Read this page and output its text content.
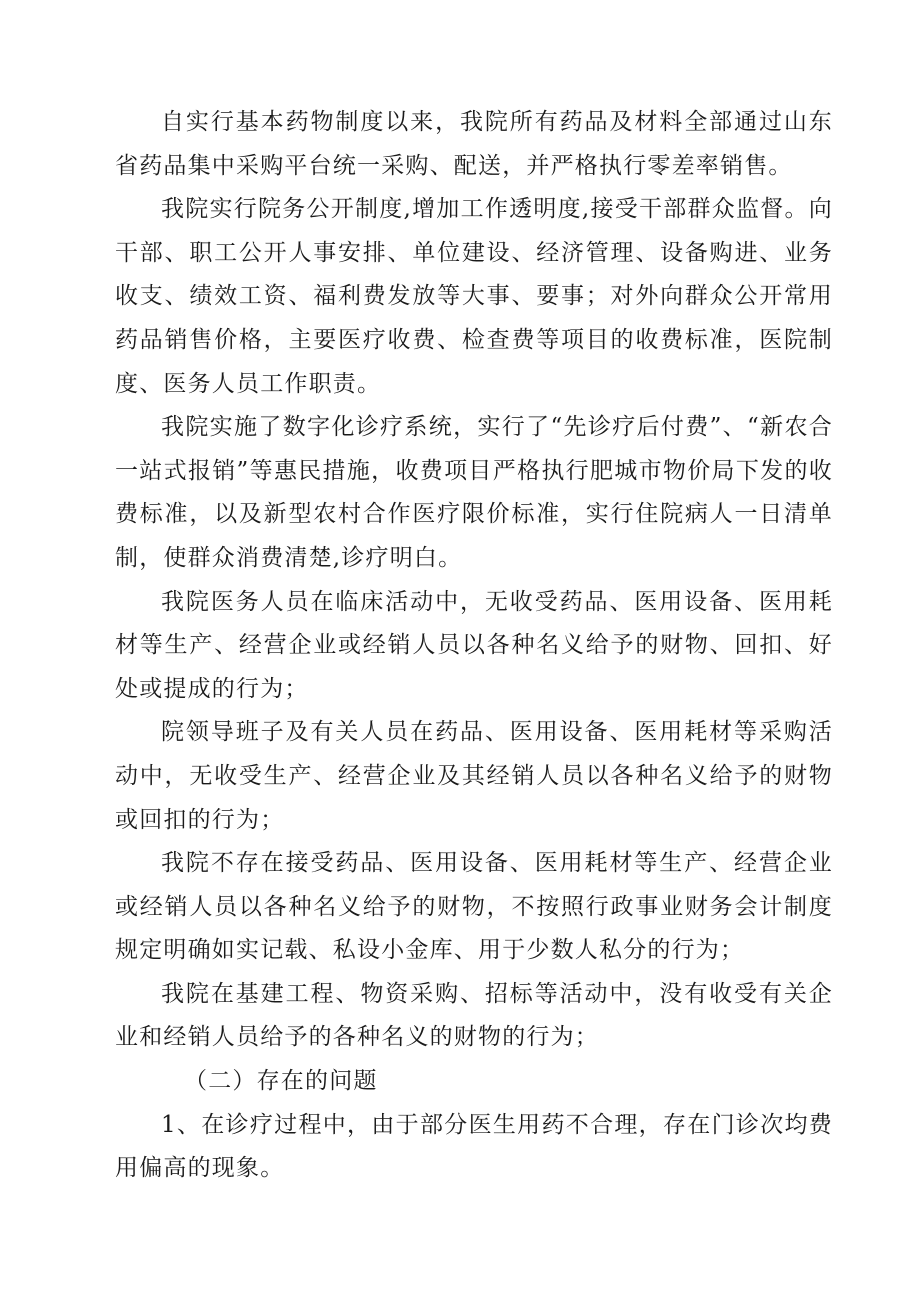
自实行基本药物制度以来，我院所有药品及材料全部通过山东省药品集中采购平台统一采购、配送，并严格执行零差率销售。

我院实行院务公开制度,增加工作透明度,接受干部群众监督。向干部、职工公开人事安排、单位建设、经济管理、设备购进、业务收支、绩效工资、福利费发放等大事、要事；对外向群众公开常用药品销售价格，主要医疗收费、检查费等项目的收费标准，医院制度、医务人员工作职责。

我院实施了数字化诊疗系统，实行了“先诊疗后付费”、“新农合一站式报销”等惠民措施，收费项目严格执行肥城市物价局下发的收费标准，以及新型农村合作医疗限价标准，实行住院病人一日清单制，使群众消费清楚,诊疗明白。

我院医务人员在临床活动中，无收受药品、医用设备、医用耗材等生产、经营企业或经销人员以各种名义给予的财物、回扣、好处或提成的行为；

院领导班子及有关人员在药品、医用设备、医用耗材等采购活动中，无收受生产、经营企业及其经销人员以各种名义给予的财物或回扣的行为；

我院不存在接受药品、医用设备、医用耗材等生产、经营企业或经销人员以各种名义给予的财物，不按照行政事业财务会计制度规定明确如实记载、私设小金库、用于少数人私分的行为；

我院在基建工程、物资采购、招标等活动中，没有收受有关企业和经销人员给予的各种名义的财物的行为；

（二）存在的问题

1、在诊疗过程中，由于部分医生用药不合理，存在门诊次均费用偏高的现象。
